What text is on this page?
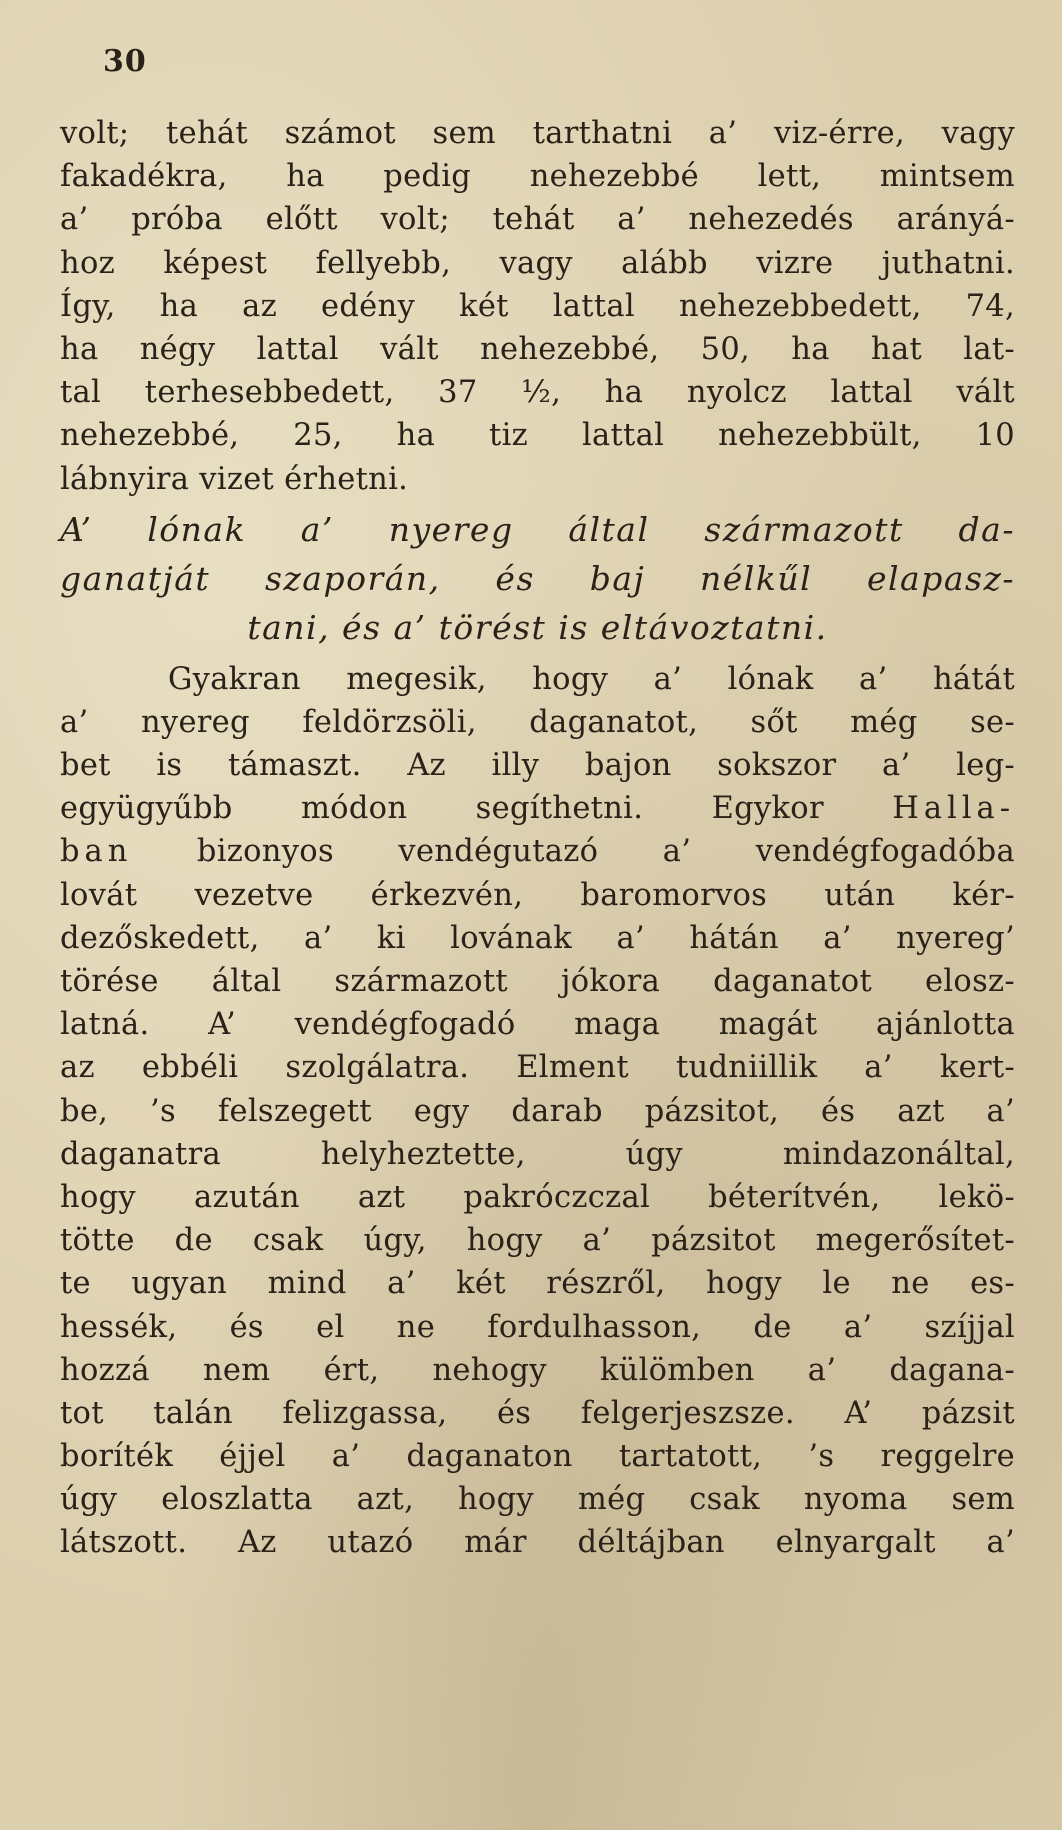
30
volt; tehát számot sem tarthatni a’ viz-érre, vagy
fakadékra, ha pedig nehezebbé lett, mintsem
a’ próba előtt volt; tehát a’ nehezedés arányá-
hoz képest fellyebb, vagy alább vizre juthatni.
Így, ha az edény két lattal nehezebbedett, 74,
ha négy lattal vált nehezebbé, 50, ha hat lat-
tal terhesebbedett, 37 ½, ha nyolcz lattal vált
nehezebbé, 25, ha tiz lattal nehezebbült, 10
lábnyira vizet érhetni.
A’ lónak a’ nyereg által származott da-
ganatját szaporán, és baj nélkűl elapasz-
tani, és a’ törést is eltávoztatni.
Gyakran megesik, hogy a’ lónak a’ hátát
a’ nyereg feldörzsöli, daganatot, sőt még se-
bet is támaszt. Az illy bajon sokszor a’ leg-
együgyűbb módon segíthetni. Egykor Halla-
ban bizonyos vendégutazó a’ vendégfogadóba
lovát vezetve érkezvén, baromorvos után kér-
dezőskedett, a’ ki lovának a’ hátán a’ nyereg’
törése által származott jókora daganatot elosz-
latná. A’ vendégfogadó maga magát ajánlotta
az ebbéli szolgálatra. Elment tudniillik a’ kert-
be, ’s felszegett egy darab pázsitot, és azt a’
daganatra helyheztette, úgy mindazonáltal,
hogy azután azt pakróczczal béterítvén, lekö-
tötte de csak úgy, hogy a’ pázsitot megerősítet-
te ugyan mind a’ két részről, hogy le ne es-
hessék, és el ne fordulhasson, de a’ szíjjal
hozzá nem ért, nehogy külömben a’ dagana-
tot talán felizgassa, és felgerjeszsze. A’ pázsit
boríték éjjel a’ daganaton tartatott, ’s reggelre
úgy eloszlatta azt, hogy még csak nyoma sem
látszott. Az utazó már déltájban elnyargalt a’
